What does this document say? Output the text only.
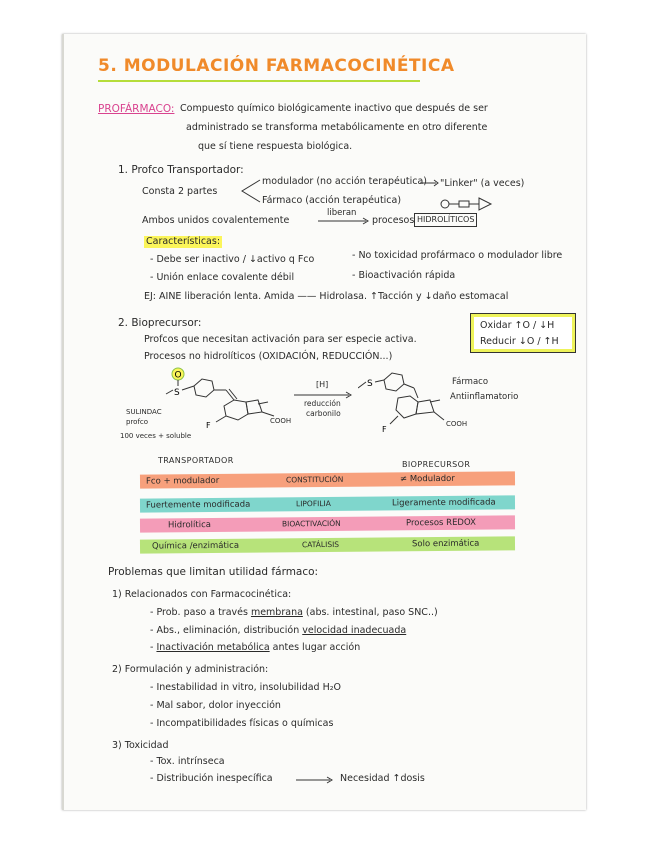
5. MODULACIÓN FARMACOCINÉTICA
PROFÁRMACO: Compuesto químico biológicamente inactivo que después de ser
administrado se transforma metabólicamente en otro diferente
que sí tiene respuesta biológica.
1. Profco Transportador:
Consta 2 partes
modulador (no acción terapéutica)
Fármaco (acción terapéutica)
"Linker" (a veces)
Ambos unidos covalentemente
liberan
procesos HIDROLÍTICOS
Características:
- Debe ser inactivo / ↓activo q Fco
- Unión enlace covalente débil
- No toxicidad profármaco o modulador libre
- Bioactivación rápida
EJ: AINE liberación lenta. Amida —— Hidrolasa. ↑Tacción y ↓daño estomacal
2. Bioprecursor:
Profcos que necesitan activación para ser especie activa.
Procesos no hidrolíticos (OXIDACIÓN, REDUCCIÓN...)
Oxidar ↑O / ↓H
Reducir ↓O / ↑H
O
S
F	COOH
SULINDAC
profco
100 veces + soluble
[H]
reducción
carbonilo
S
F
COOH
Fármaco
Antiinflamatorio
TRANSPORTADOR	BIOPRECURSOR
Fco + modulador	CONSTITUCIÓN	≠ Modulador
Fuertemente modificada	LIPOFILIA	Ligeramente modificada
Hidrolítica	BIOACTIVACIÓN	Procesos REDOX
Química /enzimática	CATÁLISIS	Solo enzimática
Problemas que limitan utilidad fármaco:
1) Relacionados con Farmacocinética:
- Prob. paso a través membrana (abs. intestinal, paso SNC..)
- Abs., eliminación, distribución velocidad inadecuada
- Inactivación metabólica antes lugar acción
2) Formulación y administración:
- Inestabilidad in vitro, insolubilidad H₂O
- Mal sabor, dolor inyección
- Incompatibilidades físicas o químicas
3) Toxicidad
- Tox. intrínseca
- Distribución inespecífica	Necesidad ↑dosis
